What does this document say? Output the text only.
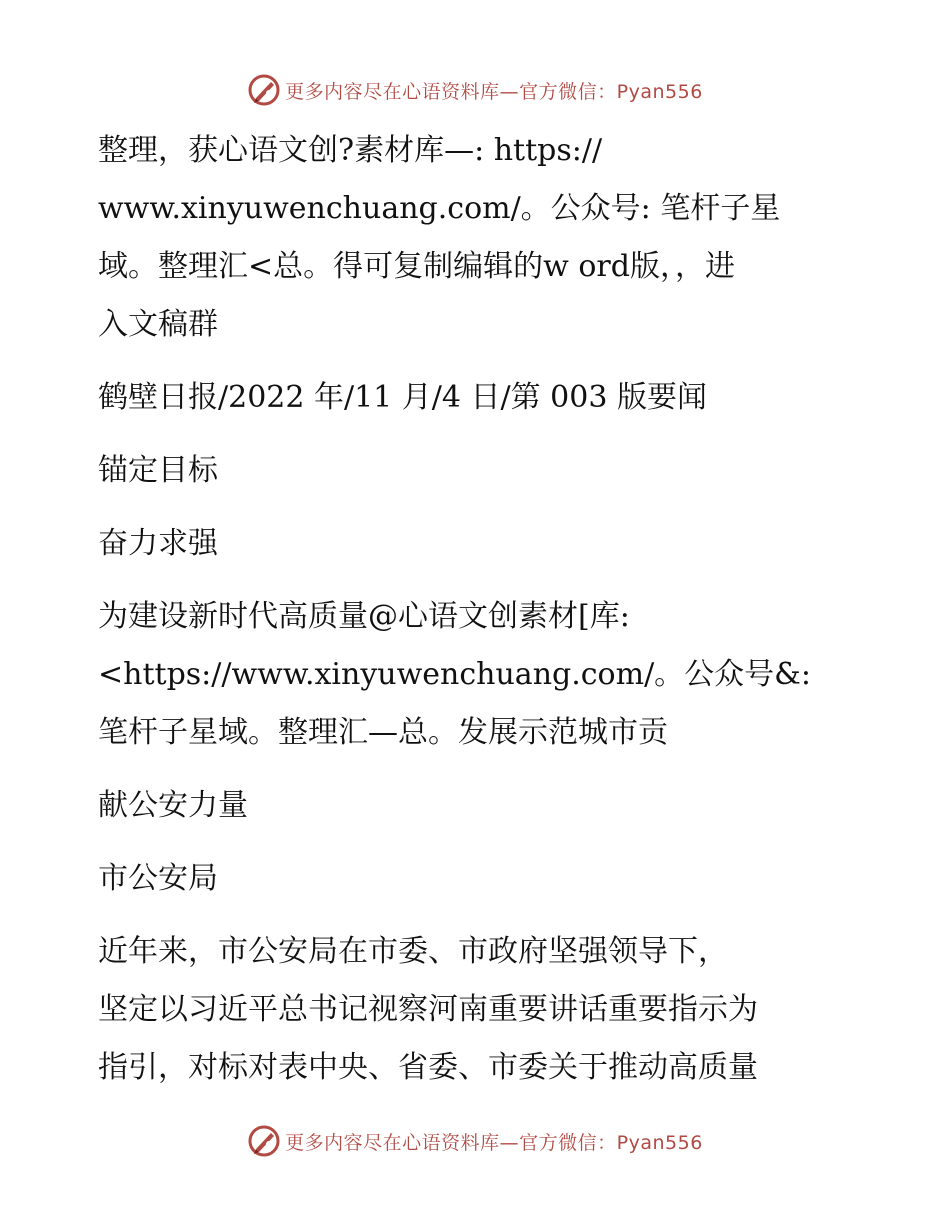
更多内容尽在心语资料库—官方微信：Pyan556

整理，获心语文创?素材库—: https://
www.xinyuwenchuang.com/。公众号: 笔杆子星
域。整理汇<总。得可复制编辑的w ord版，，进
入文稿群

鹤壁日报/2022 年/11 月/4 日/第 003 版要闻

锚定目标

奋力求强

为建设新时代高质量@心语文创素材[库:
<https://www.xinyuwenchuang.com/。公众号&:
笔杆子星域。整理汇—总。发展示范城市贡

献公安力量

市公安局

近年来，市公安局在市委、市政府坚强领导下，
坚定以习近平总书记视察河南重要讲话重要指示为
指引，对标对表中央、省委、市委关于推动高质量

更多内容尽在心语资料库—官方微信：Pyan556
